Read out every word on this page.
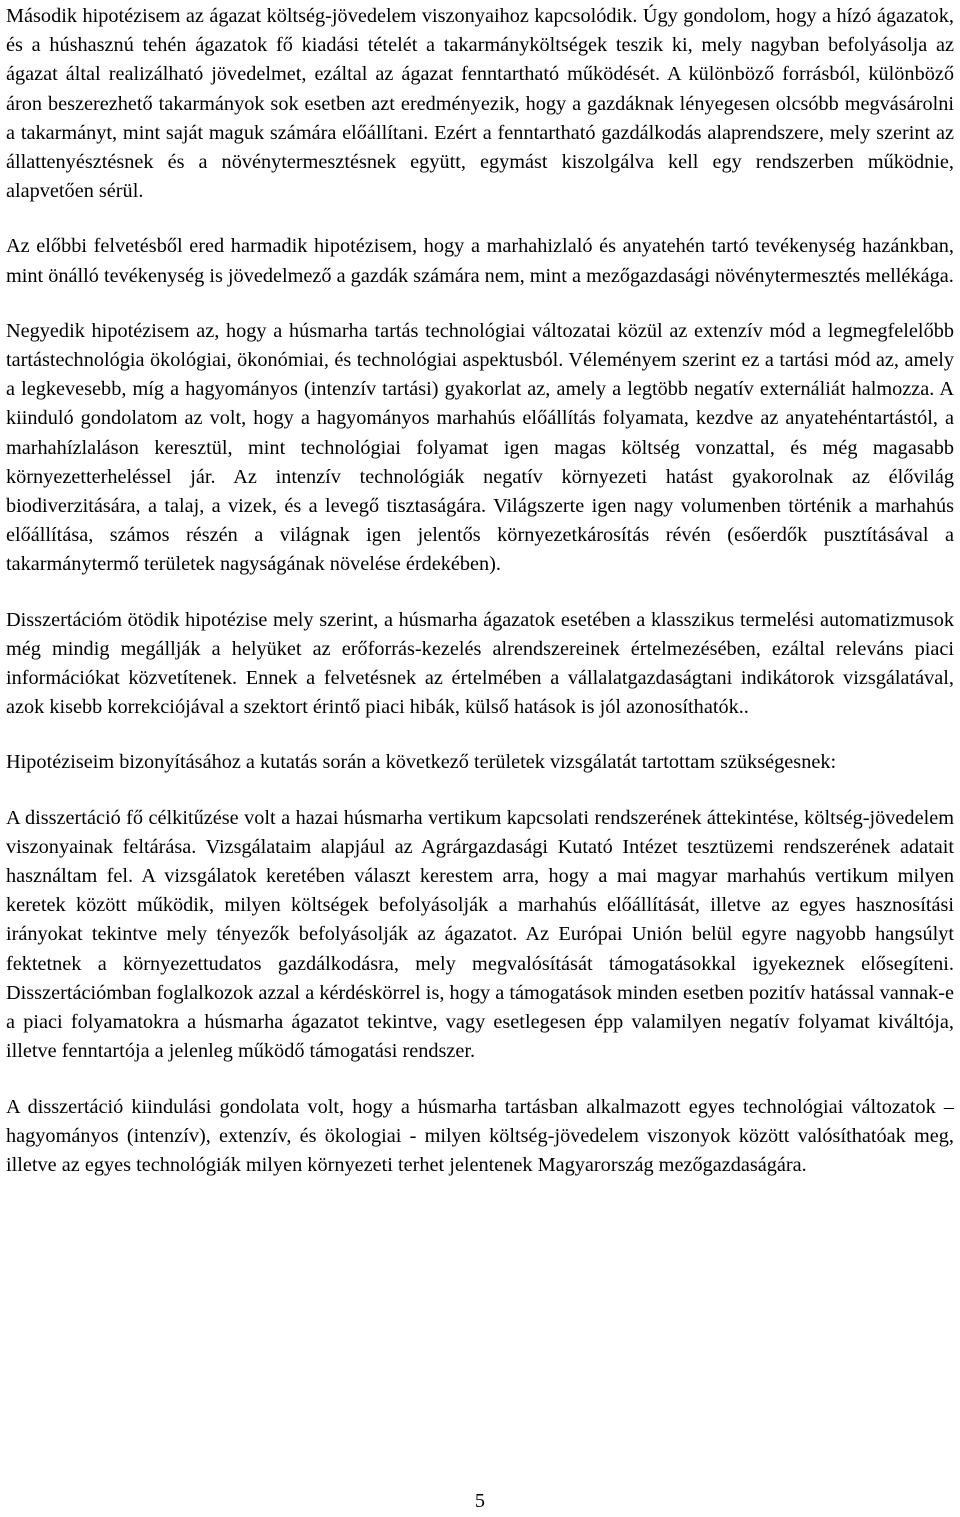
Második hipotézisem az ágazat költség-jövedelem viszonyaihoz kapcsolódik. Úgy gondolom, hogy a hízó ágazatok, és a húshasznú tehén ágazatok fő kiadási tételét a takarmányköltségek teszik ki, mely nagyban befolyásolja az ágazat által realizálható jövedelmet, ezáltal az ágazat fenntartható működését. A különböző forrásból, különböző áron beszerezhető takarmányok sok esetben azt eredményezik, hogy a gazdáknak lényegesen olcsóbb megvásárolni a takarmányt, mint saját maguk számára előállítani. Ezért a fenntartható gazdálkodás alaprendszere, mely szerint az állattenyésztésnek és a növénytermesztésnek együtt, egymást kiszolgálva kell egy rendszerben működnie, alapvetően sérül.

Az előbbi felvetésből ered harmadik hipotézisem, hogy a marhahizlaló és anyatehén tartó tevékenység hazánkban, mint önálló tevékenység is jövedelmező a gazdák számára nem, mint a mezőgazdasági növénytermesztés mellékága.

Negyedik hipotézisem az, hogy a húsmarha tartás technológiai változatai közül az extenzív mód a legmegfelelőbb tartástechnológia ökológiai, ökonómiai, és technológiai aspektusból. Véleményem szerint ez a tartási mód az, amely a legkevesebb, míg a hagyományos (intenzív tartási) gyakorlat az, amely a legtöbb negatív externáliát halmozza. A kiinduló gondolatom az volt, hogy a hagyományos marhahús előállítás folyamata, kezdve az anyatehéntartástól, a marhahízlaláson keresztül, mint technológiai folyamat igen magas költség vonzattal, és még magasabb környezetterheléssel jár. Az intenzív technológiák negatív környezeti hatást gyakorolnak az élővilág biodiverzitására, a talaj, a vizek, és a levegő tisztaságára. Világszerte igen nagy volumenben történik a marhahús előállítása, számos részén a világnak igen jelentős környezetkárosítás révén (esőerdők pusztításával a takarmánytermő területek nagyságának növelése érdekében).

Disszertációm ötödik hipotézise mely szerint, a húsmarha ágazatok esetében a klasszikus termelési automatizmusok még mindig megállják a helyüket az erőforrás-kezelés alrendszereinek értelmezésében, ezáltal releváns piaci információkat közvetítenek. Ennek a felvetésnek az értelmében a vállalatgazdaságtani indikátorok vizsgálatával, azok kisebb korrekciójával a szektort érintő piaci hibák, külső hatások is jól azonosíthatók..

Hipotéziseim bizonyításához a kutatás során a következő területek vizsgálatát tartottam szükségesnek:

A disszertáció fő célkitűzése volt a hazai húsmarha vertikum kapcsolati rendszerének áttekintése, költség-jövedelem viszonyainak feltárása. Vizsgálataim alapjául az Agrárgazdasági Kutató Intézet tesztüzemi rendszerének adatait használtam fel. A vizsgálatok keretében választ kerestem arra, hogy a mai magyar marhahús vertikum milyen keretek között működik, milyen költségek befolyásolják a marhahús előállítását, illetve az egyes hasznosítási irányokat tekintve mely tényezők befolyásolják az ágazatot. Az Európai Unión belül egyre nagyobb hangsúlyt fektetnek a környezettudatos gazdálkodásra, mely megvalósítását támogatásokkal igyekeznek elősegíteni. Disszertációmban foglalkozok azzal a kérdéskörrel is, hogy a támogatások minden esetben pozitív hatással vannak-e a piaci folyamatokra a húsmarha ágazatot tekintve, vagy esetlegesen épp valamilyen negatív folyamat kiváltója, illetve fenntartója a jelenleg működő támogatási rendszer.

A disszertáció kiindulási gondolata volt, hogy a húsmarha tartásban alkalmazott egyes technológiai változatok – hagyományos (intenzív), extenzív, és ökologiai - milyen költség-jövedelem viszonyok között valósíthatóak meg, illetve az egyes technológiák milyen környezeti terhet jelentenek Magyarország mezőgazdaságára.

5
